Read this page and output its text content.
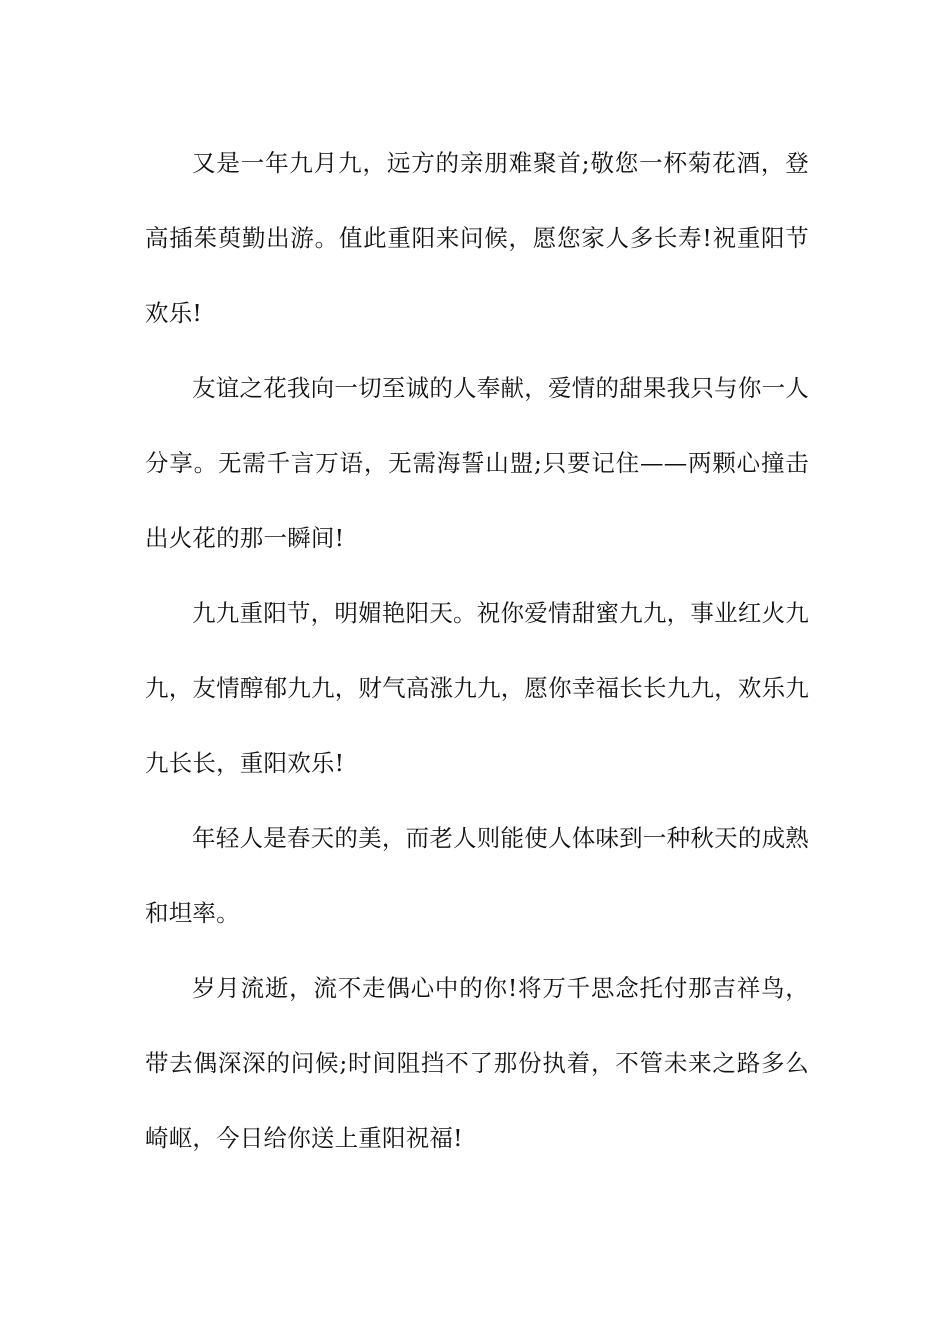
又是一年九月九，远方的亲朋难聚首;敬您一杯菊花酒，登高插茱萸勤出游。值此重阳来问候，愿您家人多长寿!祝重阳节欢乐!

友谊之花我向一切至诚的人奉献，爱情的甜果我只与你一人分享。无需千言万语，无需海誓山盟;只要记住——两颗心撞击出火花的那一瞬间!

九九重阳节，明媚艳阳天。祝你爱情甜蜜九九，事业红火九九，友情醇郁九九，财气高涨九九，愿你幸福长长九九，欢乐九九长长，重阳欢乐!

年轻人是春天的美，而老人则能使人体味到一种秋天的成熟和坦率。

岁月流逝，流不走偶心中的你!将万千思念托付那吉祥鸟，带去偶深深的问候;时间阻挡不了那份执着，不管未来之路多么崎岖，今日给你送上重阳祝福!
